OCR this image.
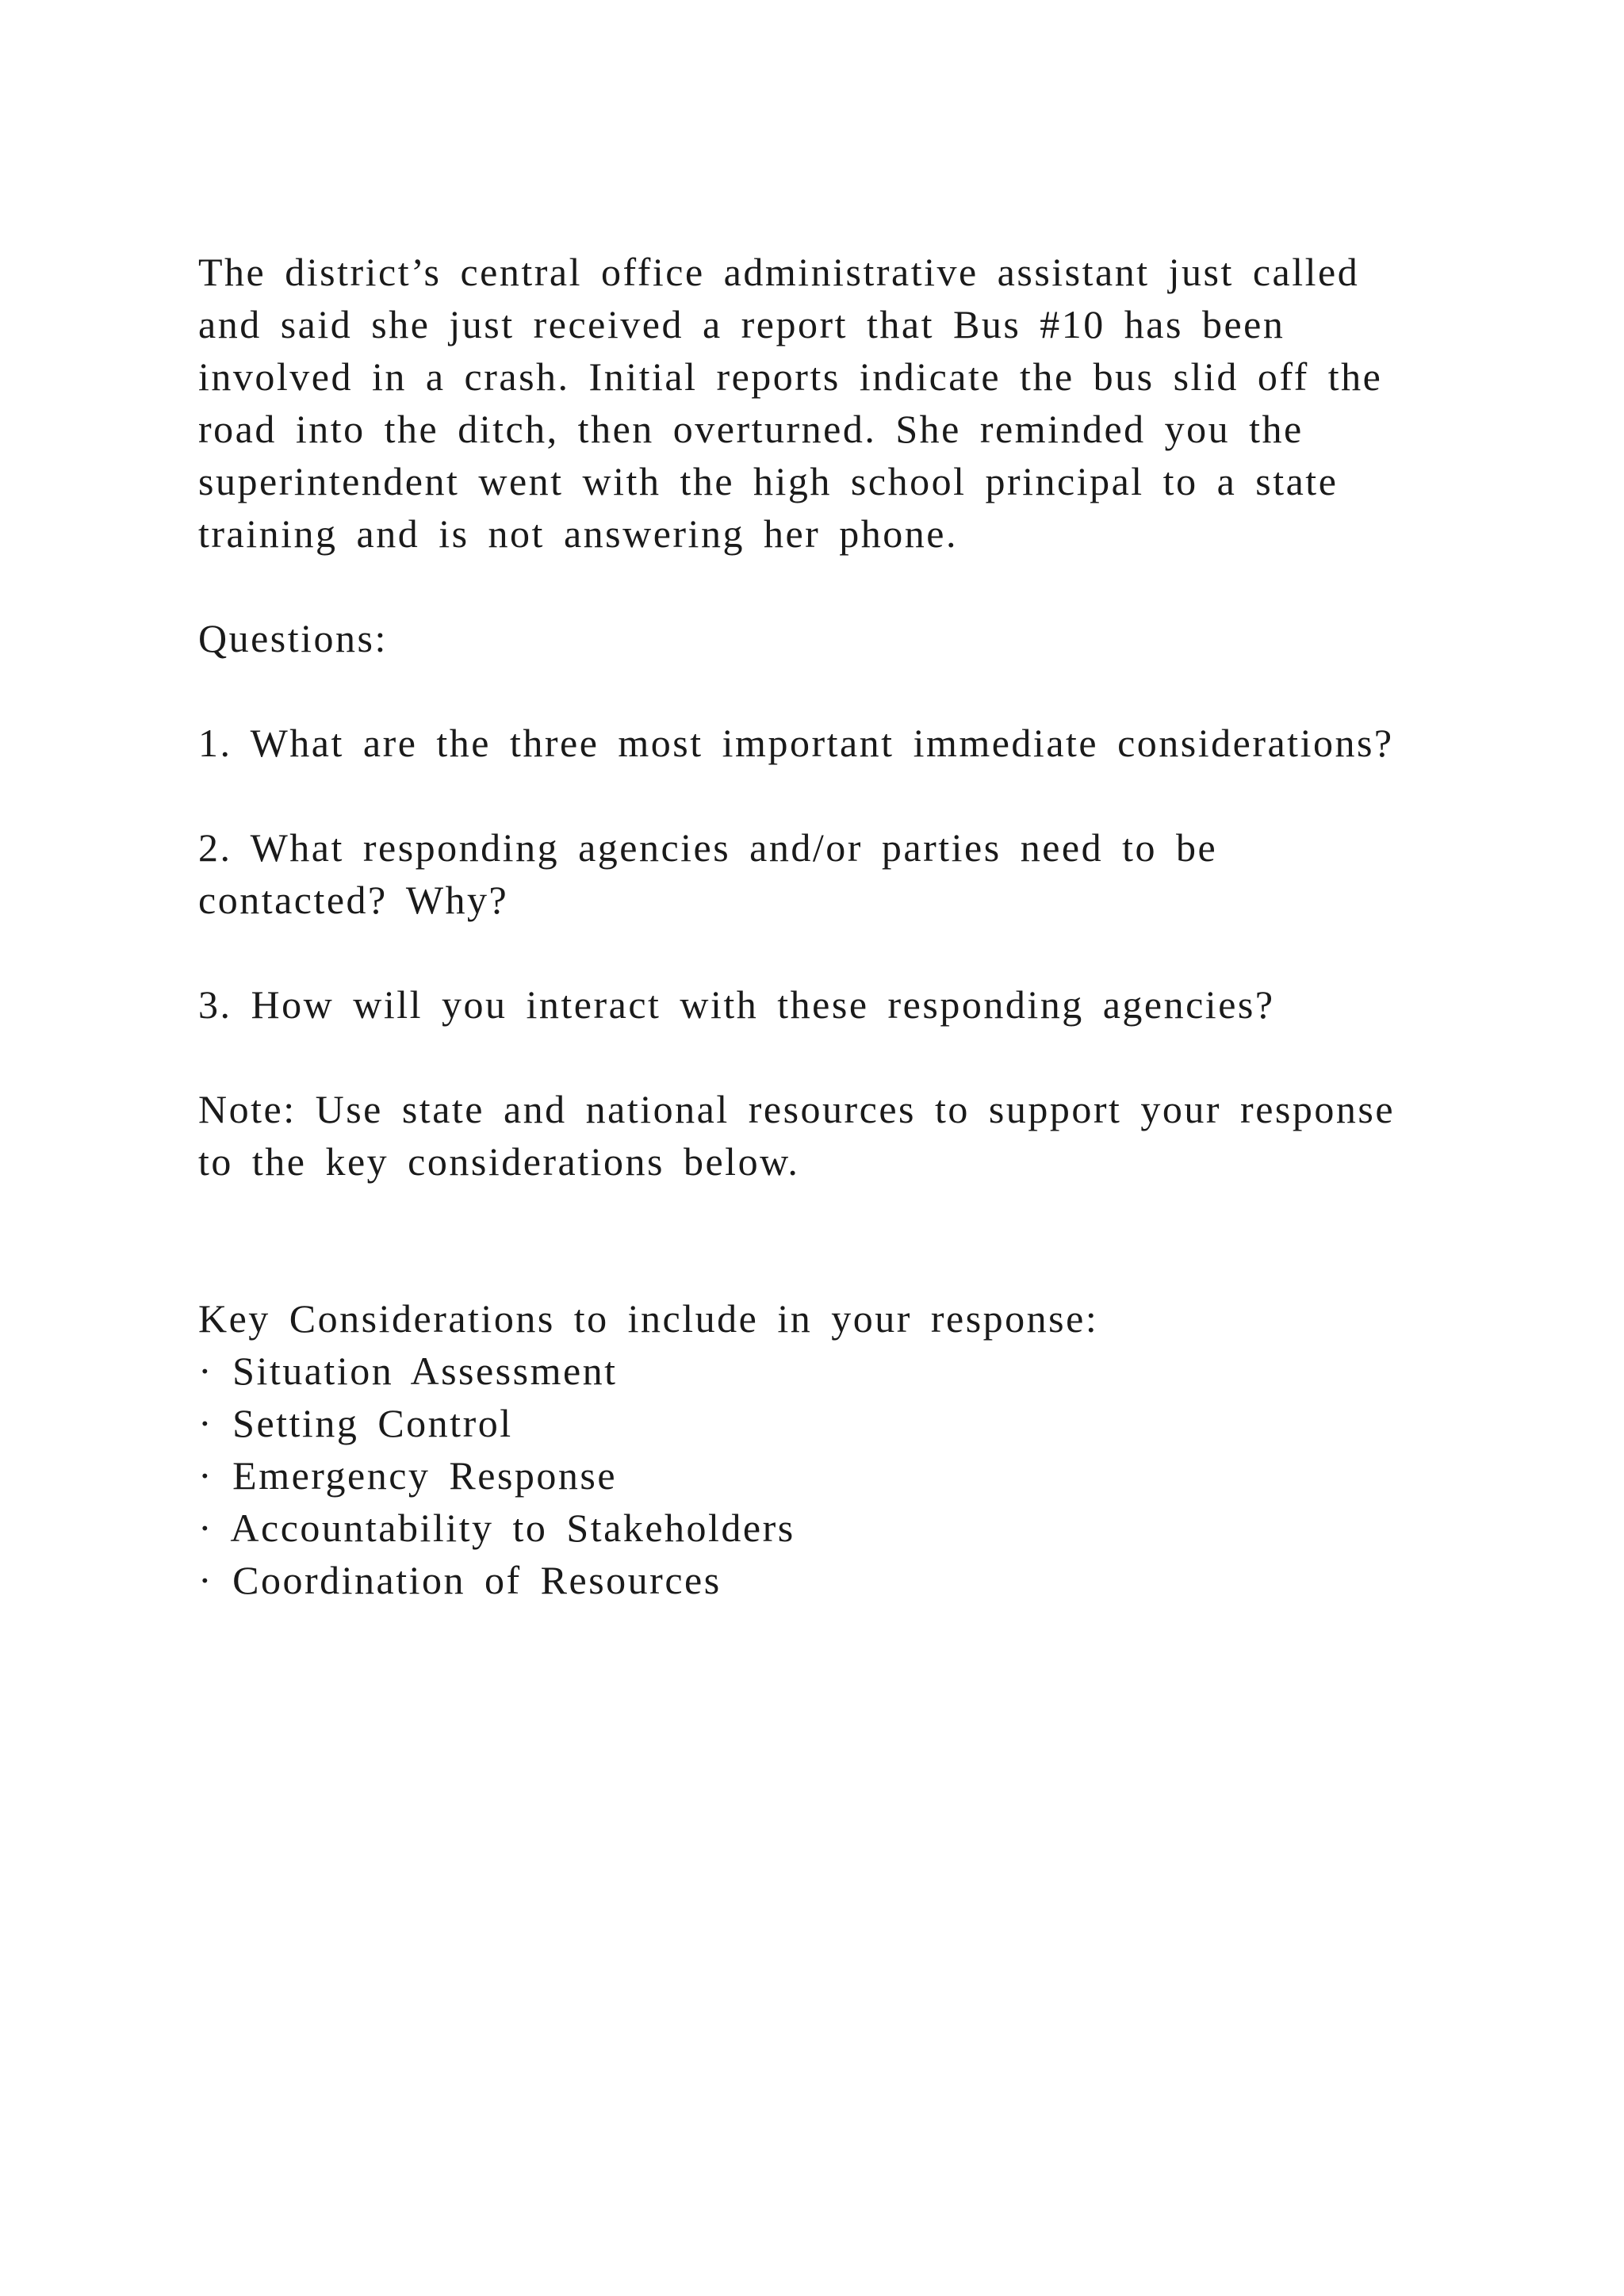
The district’s central office administrative assistant just called
and said she just received a report that Bus #10 has been
involved in a crash. Initial reports indicate the bus slid off the
road into the ditch, then overturned. She reminded you the
superintendent went with the high school principal to a state
training and is not answering her phone.

Questions:

1. What are the three most important immediate considerations?

2. What responding agencies and/or parties need to be
contacted? Why?

3. How will you interact with these responding agencies?

Note: Use state and national resources to support your response
to the key considerations below.

Key Considerations to include in your response:
· Situation Assessment
· Setting Control
· Emergency Response
· Accountability to Stakeholders
· Coordination of Resources
